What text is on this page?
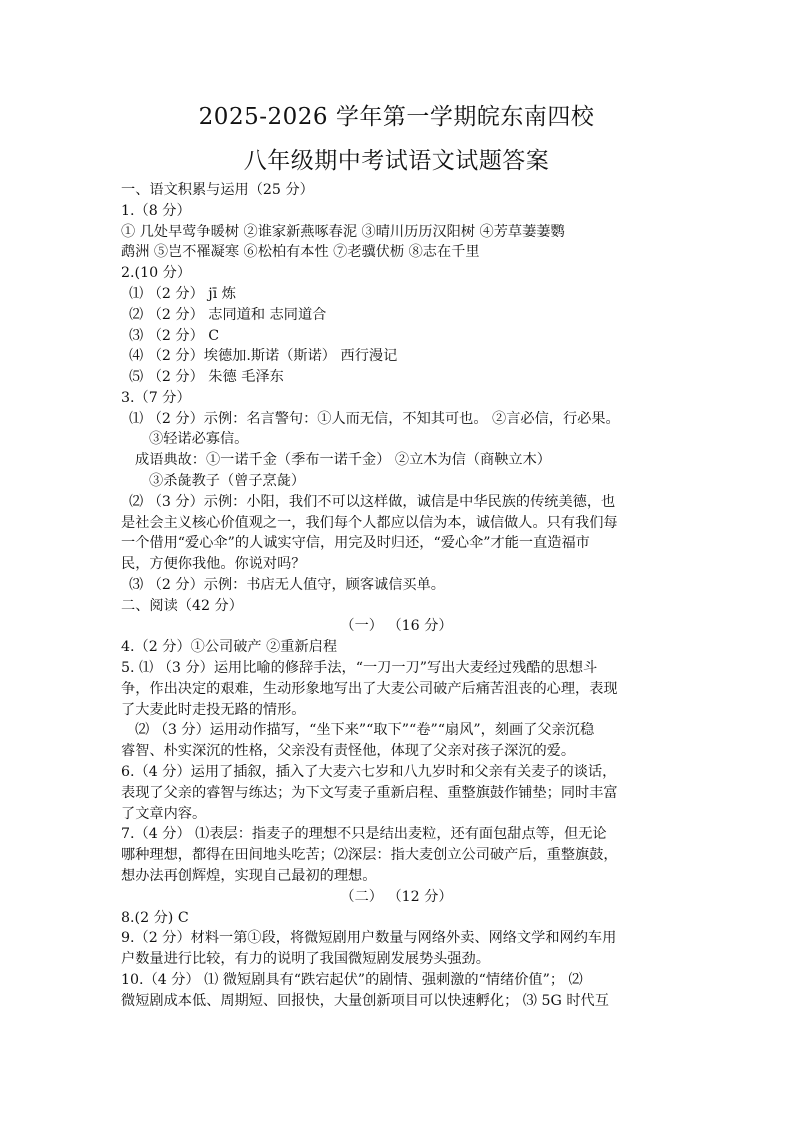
2025-2026 学年第一学期皖东南四校
八年级期中考试语文试题答案
一、语文积累与运用（25 分）
1.（8 分）
① 几处早莺争暖树 ②谁家新燕啄春泥 ③晴川历历汉阳树 ④芳草萋萋鹦
鹉洲 ⑤岂不罹凝寒 ⑥松柏有本性 ⑦老骥伏枥 ⑧志在千里
2.(10 分）
⑴ （2 分） jī 炼
⑵ （2 分） 志同道和 志同道合
⑶ （2 分） C
⑷ （2 分）埃德加.斯诺（斯诺） 西行漫记
⑸ （2 分） 朱德 毛泽东
3.（7 分）
⑴ （2 分）示例：名言警句：①人而无信，不知其可也。 ②言必信，行必果。
③轻诺必寡信。
成语典故：①一诺千金（季布一诺千金） ②立木为信（商鞅立木）
③杀彘教子（曾子烹彘）
⑵ （3 分）示例：小阳，我们不可以这样做，诚信是中华民族的传统美德，也
是社会主义核心价值观之一，我们每个人都应以信为本，诚信做人。只有我们每
一个借用“爱心伞”的人诚实守信，用完及时归还，“爱心伞”才能一直造福市
民，方便你我他。你说对吗？
⑶ （2 分）示例：书店无人值守，顾客诚信买单。
二、阅读（42 分）
（一） （16 分）
4.（2 分）①公司破产 ②重新启程
5. ⑴ （3 分）运用比喻的修辞手法，“一刀一刀”写出大麦经过残酷的思想斗
争，作出决定的艰难，生动形象地写出了大麦公司破产后痛苦沮丧的心理，表现
了大麦此时走投无路的情形。
⑵ （3 分）运用动作描写，“坐下来”“取下”“卷”“扇风”，刻画了父亲沉稳
睿智、朴实深沉的性格，父亲没有责怪他，体现了父亲对孩子深沉的爱。
6.（4 分）运用了插叙，插入了大麦六七岁和八九岁时和父亲有关麦子的谈话，
表现了父亲的睿智与练达；为下文写麦子重新启程、重整旗鼓作铺垫；同时丰富
了文章内容。
7.（4 分） ⑴表层：指麦子的理想不只是结出麦粒，还有面包甜点等，但无论
哪种理想，都得在田间地头吃苦；⑵深层：指大麦创立公司破产后，重整旗鼓，
想办法再创辉煌，实现自己最初的理想。
（二） （12 分）
8.(2 分) C
9.（2 分）材料一第①段，将微短剧用户数量与网络外卖、网络文学和网约车用
户数量进行比较，有力的说明了我国微短剧发展势头强劲。
10.（4 分） ⑴ 微短剧具有“跌宕起伏”的剧情、强刺激的“情绪价值”； ⑵
微短剧成本低、周期短、回报快，大量创新项目可以快速孵化； ⑶ 5G 时代互
